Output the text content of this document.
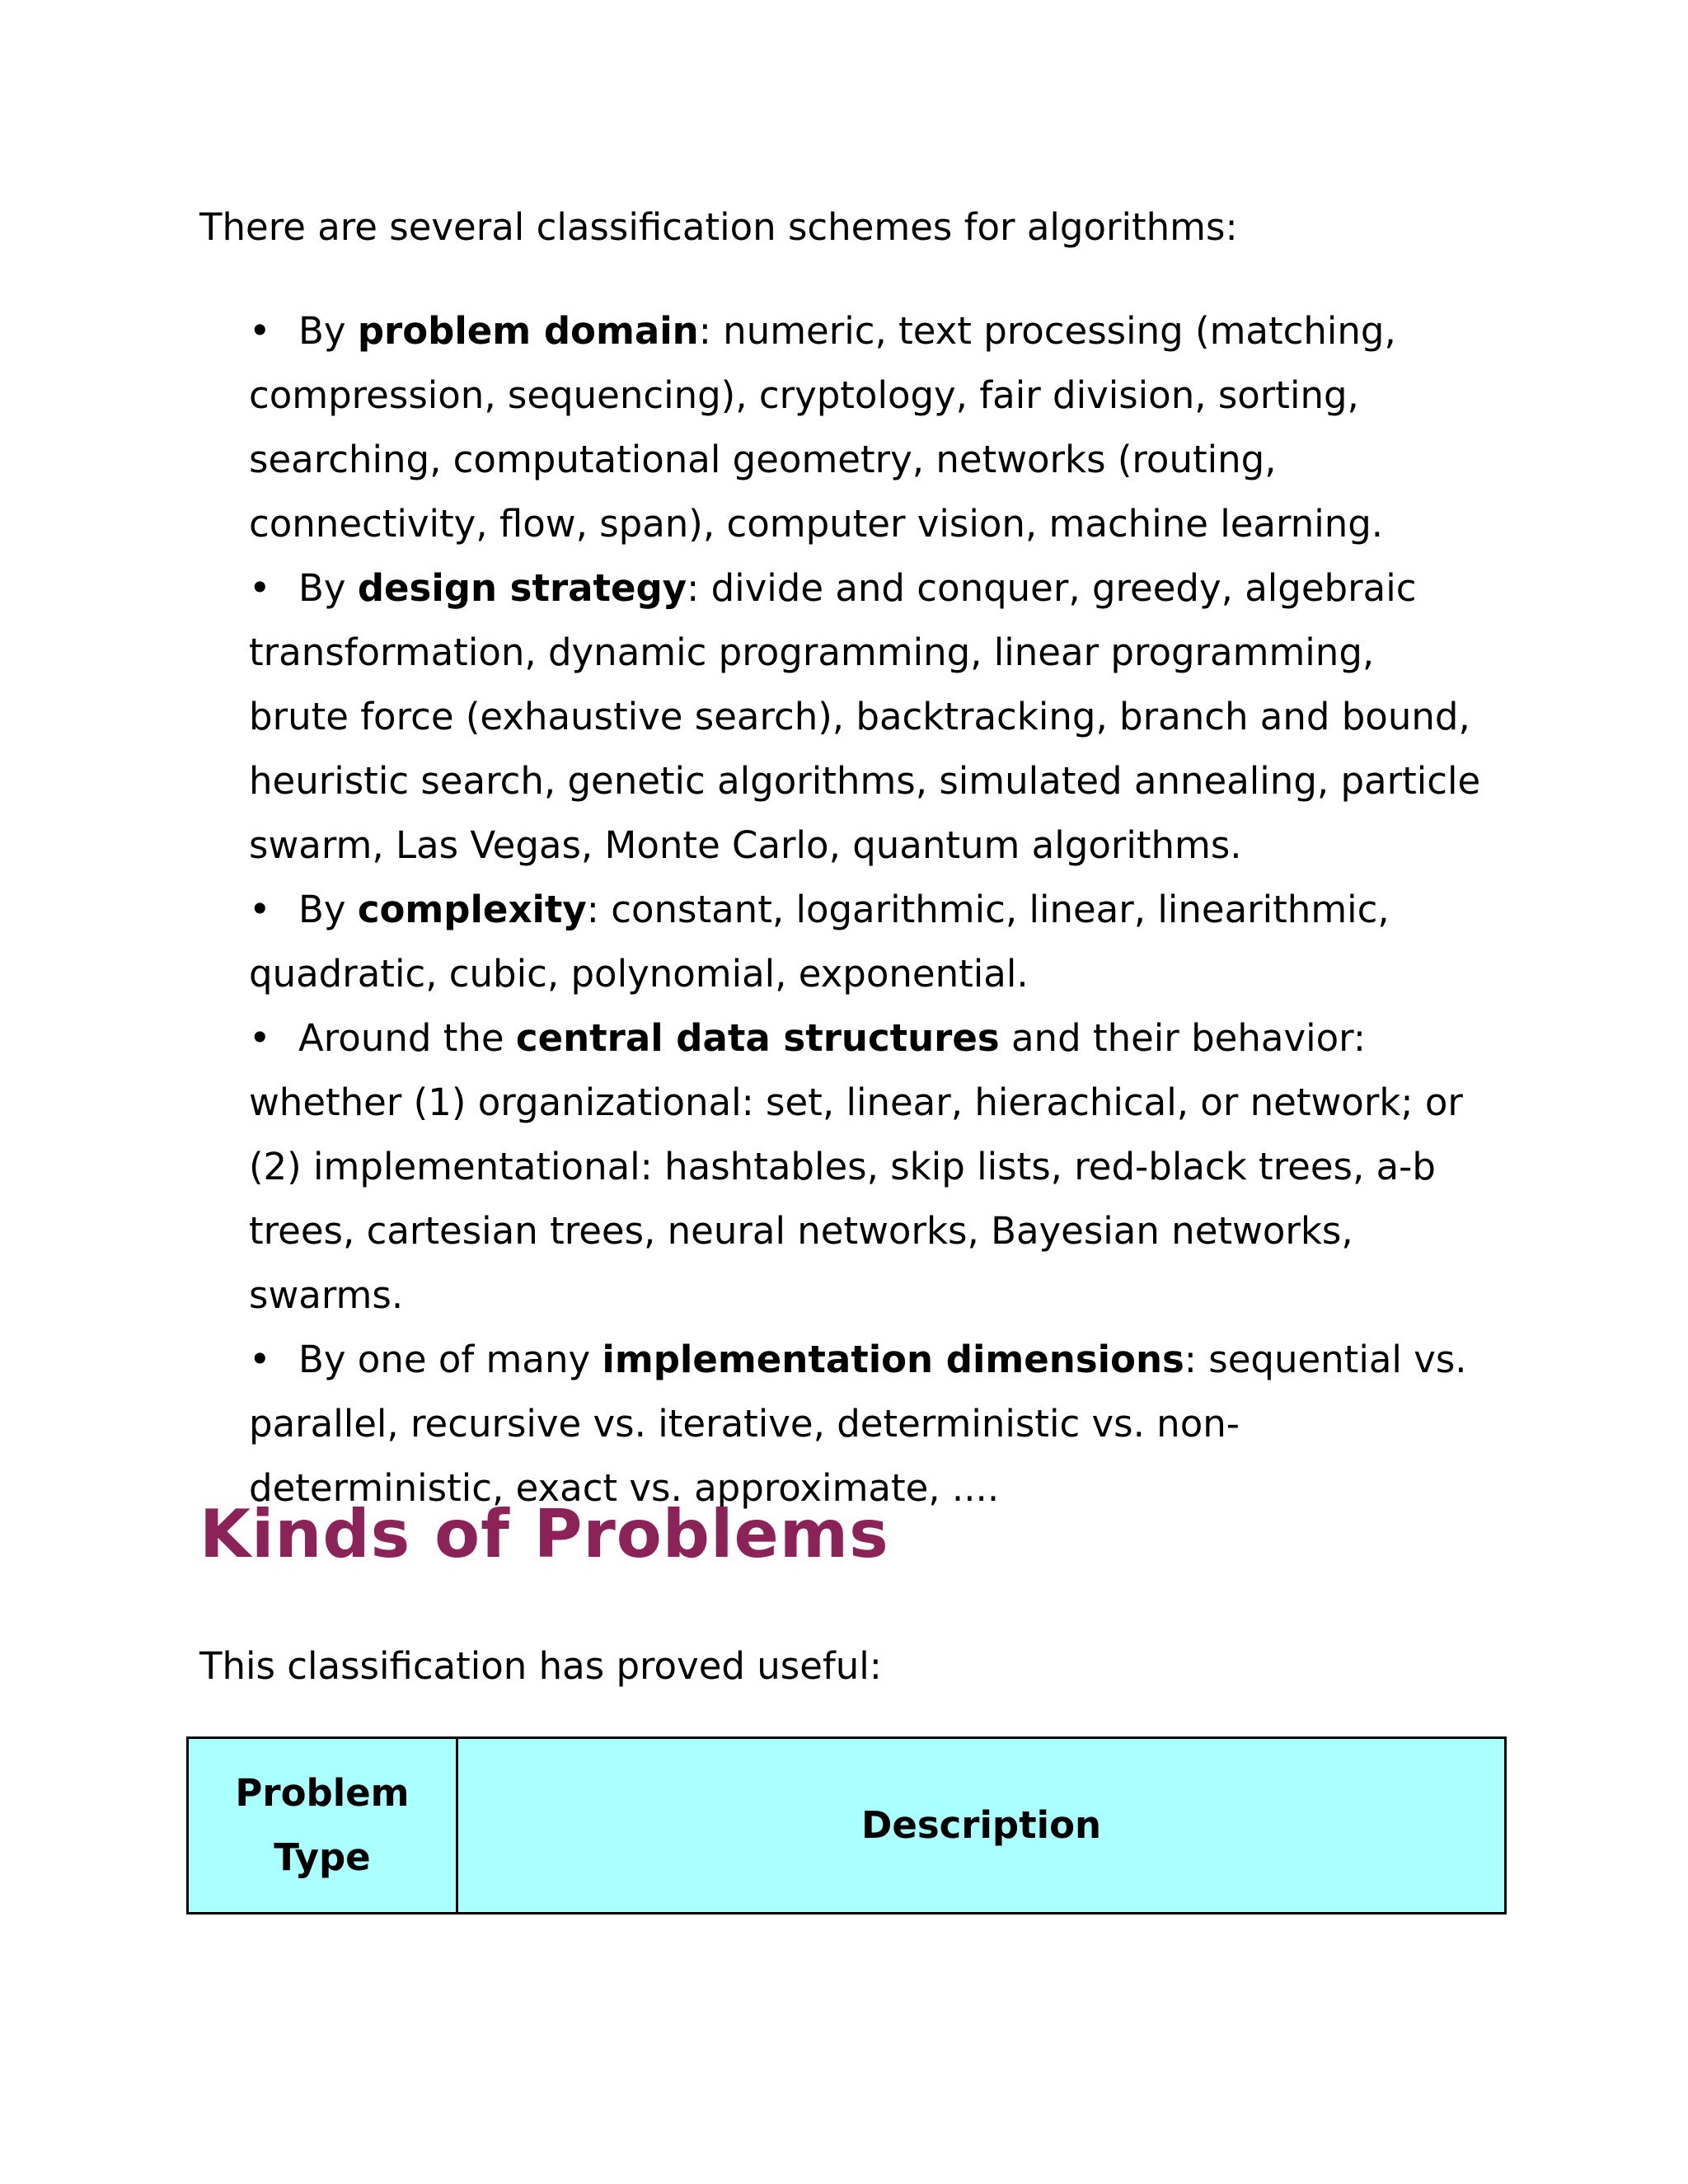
There are several classification schemes for algorithms:

• By problem domain: numeric, text processing (matching, compression, sequencing), cryptology, fair division, sorting, searching, computational geometry, networks (routing, connectivity, flow, span), computer vision, machine learning.
• By design strategy: divide and conquer, greedy, algebraic transformation, dynamic programming, linear programming, brute force (exhaustive search), backtracking, branch and bound, heuristic search, genetic algorithms, simulated annealing, particle swarm, Las Vegas, Monte Carlo, quantum algorithms.
• By complexity: constant, logarithmic, linear, linearithmic, quadratic, cubic, polynomial, exponential.
• Around the central data structures and their behavior: whether (1) organizational: set, linear, hierachical, or network; or (2) implementational: hashtables, skip lists, red-black trees, a-b trees, cartesian trees, neural networks, Bayesian networks, swarms.
• By one of many implementation dimensions: sequential vs. parallel, recursive vs. iterative, deterministic vs. non-deterministic, exact vs. approximate, ....
Kinds of Problems

This classification has proved useful:

Problem Type	Description
